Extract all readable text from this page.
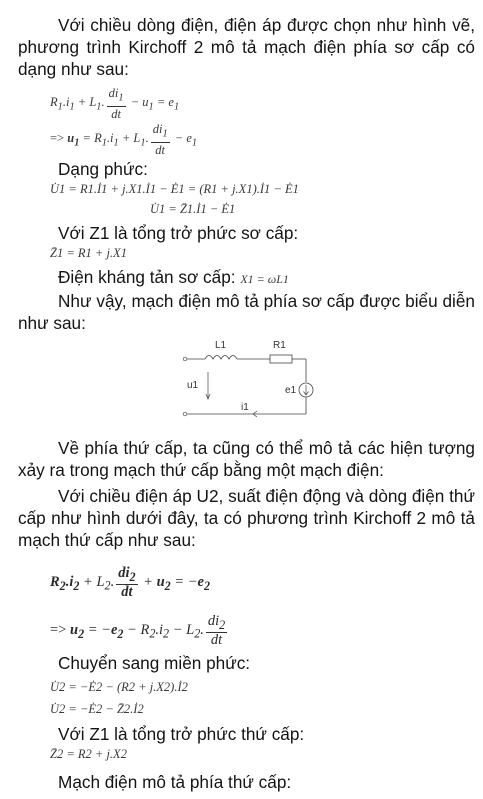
Với chiều dòng điện, điện áp được chọn như hình vẽ, phương trình Kirchoff 2 mô tả mạch điện phía sơ cấp có dạng như sau:

$R_1.i_1 + L_1$. $\frac{di_1}{dt} - u_1 = e_1$
=> $u_1 = R_1.i_1 + L_1$. $\frac{di_1}{dt} - e_1$

Dạng phức:

U̇1 = R1.İ1 + j.X1.İ1 − Ė1 = (R1 + j.X1).İ1 − Ė1
U̇1 = Z̄1.İ1 − Ė1

Với Z1 là tổng trở phức sơ cấp:

Z̄1 = R1 + j.X1

Điện kháng tản sơ cấp: X1 = ωL1

Như vậy, mạch điện mô tả phía sơ cấp được biểu diễn như sau:

L1	R1
u1	e1
i1

Về phía thứ cấp, ta cũng có thể mô tả các hiện tượng xảy ra trong mạch thứ cấp bằng một mạch điện:

Với chiều điện áp U2, suất điện động và dòng điện thứ cấp như hình dưới đây, ta có phương trình Kirchoff 2 mô tả mạch thứ cấp như sau:

$R_2.i_2 + L_2$. $\frac{di_2}{dt} + u_2 = -e_2$
=> $u_2 = -e_2 - R_2.i_2 - L_2$. $\frac{di_2}{dt}$

Chuyển sang miền phức:

U̇2 = −Ė2 − (R2 + j.X2).İ2
U̇2 = −Ė2 − Z̄2.İ2

Với Z1 là tổng trở phức thứ cấp:

Z̄2 = R2 + j.X2

Mạch điện mô tả phía thứ cấp:
